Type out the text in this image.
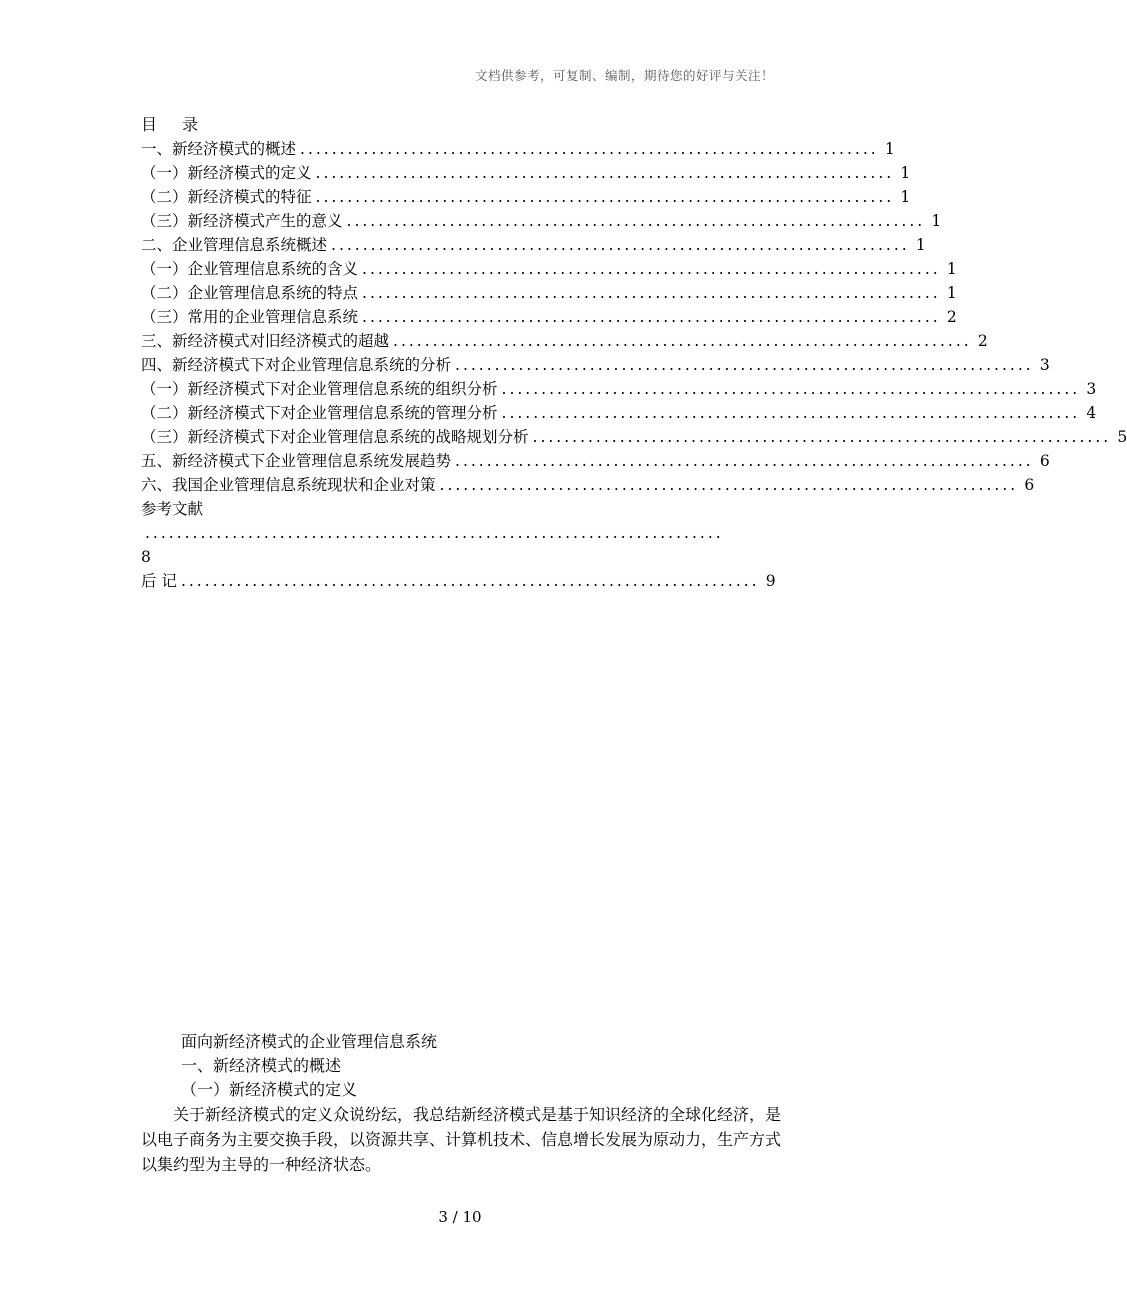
文档供参考，可复制、编制，期待您的好评与关注！
目 录
一、新经济模式的概述 ......................................................................... 1
（一）新经济模式的定义 ......................................................................... 1
（二）新经济模式的特征 ......................................................................... 1
（三）新经济模式产生的意义 ......................................................................... 1
二、企业管理信息系统概述 ......................................................................... 1
（一）企业管理信息系统的含义 ......................................................................... 1
（二）企业管理信息系统的特点 ......................................................................... 1
（三）常用的企业管理信息系统 ......................................................................... 2
三、新经济模式对旧经济模式的超越 ......................................................................... 2
四、新经济模式下对企业管理信息系统的分析 ......................................................................... 3
（一）新经济模式下对企业管理信息系统的组织分析 ......................................................................... 3
（二）新经济模式下对企业管理信息系统的管理分析 ......................................................................... 4
（三）新经济模式下对企业管理信息系统的战略规划分析 ......................................................................... 5
五、新经济模式下企业管理信息系统发展趋势 ......................................................................... 6
六、我国企业管理信息系统现状和企业对策 ......................................................................... 6
参考文献
.........................................................................
8
后 记 ......................................................................... 9
面向新经济模式的企业管理信息系统
一、新经济模式的概述
（一）新经济模式的定义

关于新经济模式的定义众说纷纭，我总结新经济模式是基于知识经济的全球化经济，是以电子商务为主要交换手段，以资源共享、计算机技术、信息增长发展为原动力，生产方式以集约型为主导的一种经济状态。

3 / 10
